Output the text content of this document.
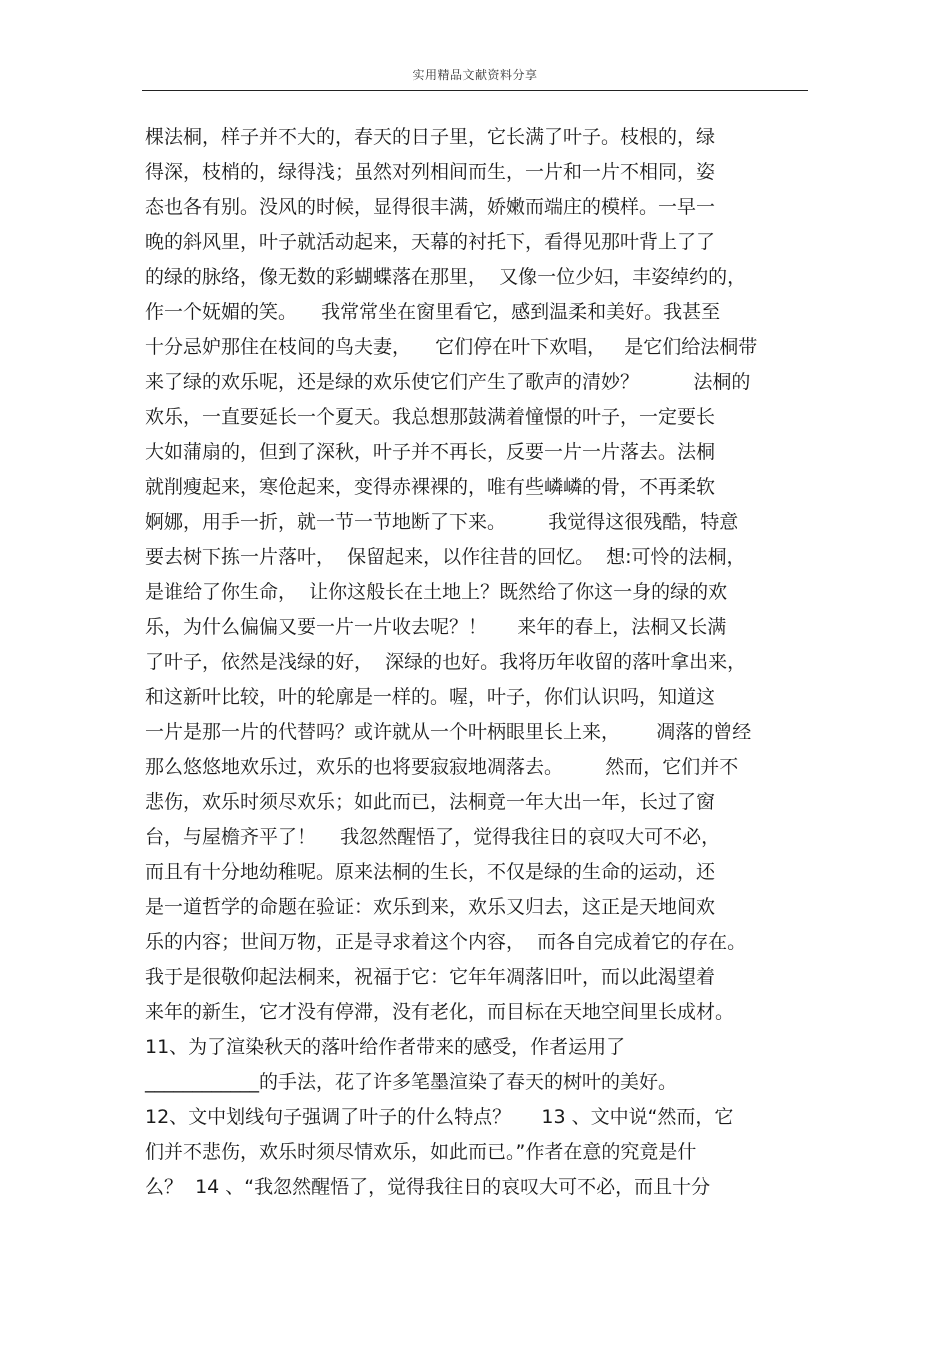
实用精品文献资料分享
棵法桐，样子并不大的，春天的日子里，它长满了叶子。枝根的，绿
得深，枝梢的，绿得浅；虽然对列相间而生，一片和一片不相同，姿
态也各有别。没风的时候，显得很丰满，娇嫩而端庄的模样。一早一
晚的斜风里，叶子就活动起来，天幕的衬托下，看得见那叶背上了了
的绿的脉络，像无数的彩蝴蝶落在那里，  又像一位少妇，丰姿绰约的，
作一个妩媚的笑。    我常常坐在窗里看它，感到温柔和美好。我甚至
十分忌妒那住在枝间的鸟夫妻，    它们停在叶下欢唱，   是它们给法桐带
来了绿的欢乐呢，还是绿的欢乐使它们产生了歌声的清妙？         法桐的
欢乐，一直要延长一个夏天。我总想那鼓满着憧憬的叶子，一定要长
大如蒲扇的，但到了深秋，叶子并不再长，反要一片一片落去。法桐
就削瘦起来，寒伧起来，变得赤裸裸的，唯有些嶙嶙的骨，不再柔软
婀娜，用手一折，就一节一节地断了下来。       我觉得这很残酷，特意
要去树下拣一片落叶，  保留起来，以作往昔的回忆。  想:可怜的法桐，
是谁给了你生命，  让你这般长在土地上？既然给了你这一身的绿的欢
乐，为什么偏偏又要一片一片收去呢？！     来年的春上，法桐又长满
了叶子，依然是浅绿的好，  深绿的也好。我将历年收留的落叶拿出来，
和这新叶比较，叶的轮廓是一样的。喔，叶子，你们认识吗，知道这
一片是那一片的代替吗？或许就从一个叶柄眼里长上来，      凋落的曾经
那么悠悠地欢乐过，欢乐的也将要寂寂地凋落去。       然而，它们并不
悲伤，欢乐时须尽欢乐；如此而已，法桐竟一年大出一年，长过了窗
台，与屋檐齐平了！    我忽然醒悟了，觉得我往日的哀叹大可不必，
而且有十分地幼稚呢。原来法桐的生长，不仅是绿的生命的运动，还
是一道哲学的命题在验证：欢乐到来，欢乐又归去，这正是天地间欢
乐的内容；世间万物，正是寻求着这个内容，  而各自完成着它的存在。
我于是很敬仰起法桐来，祝福于它：它年年凋落旧叶，而以此渴望着
来年的新生，它才没有停滞，没有老化，而目标在天地空间里长成材。
11、为了渲染秋天的落叶给作者带来的感受，作者运用了
____________的手法，花了许多笔墨渲染了春天的树叶的美好。
12、文中划线句子强调了叶子的什么特点？     13 、文中说“然而，它
们并不悲伤，欢乐时须尽情欢乐，如此而已。”作者在意的究竟是什
么？  14 、“我忽然醒悟了，觉得我往日的哀叹大可不必，而且十分
